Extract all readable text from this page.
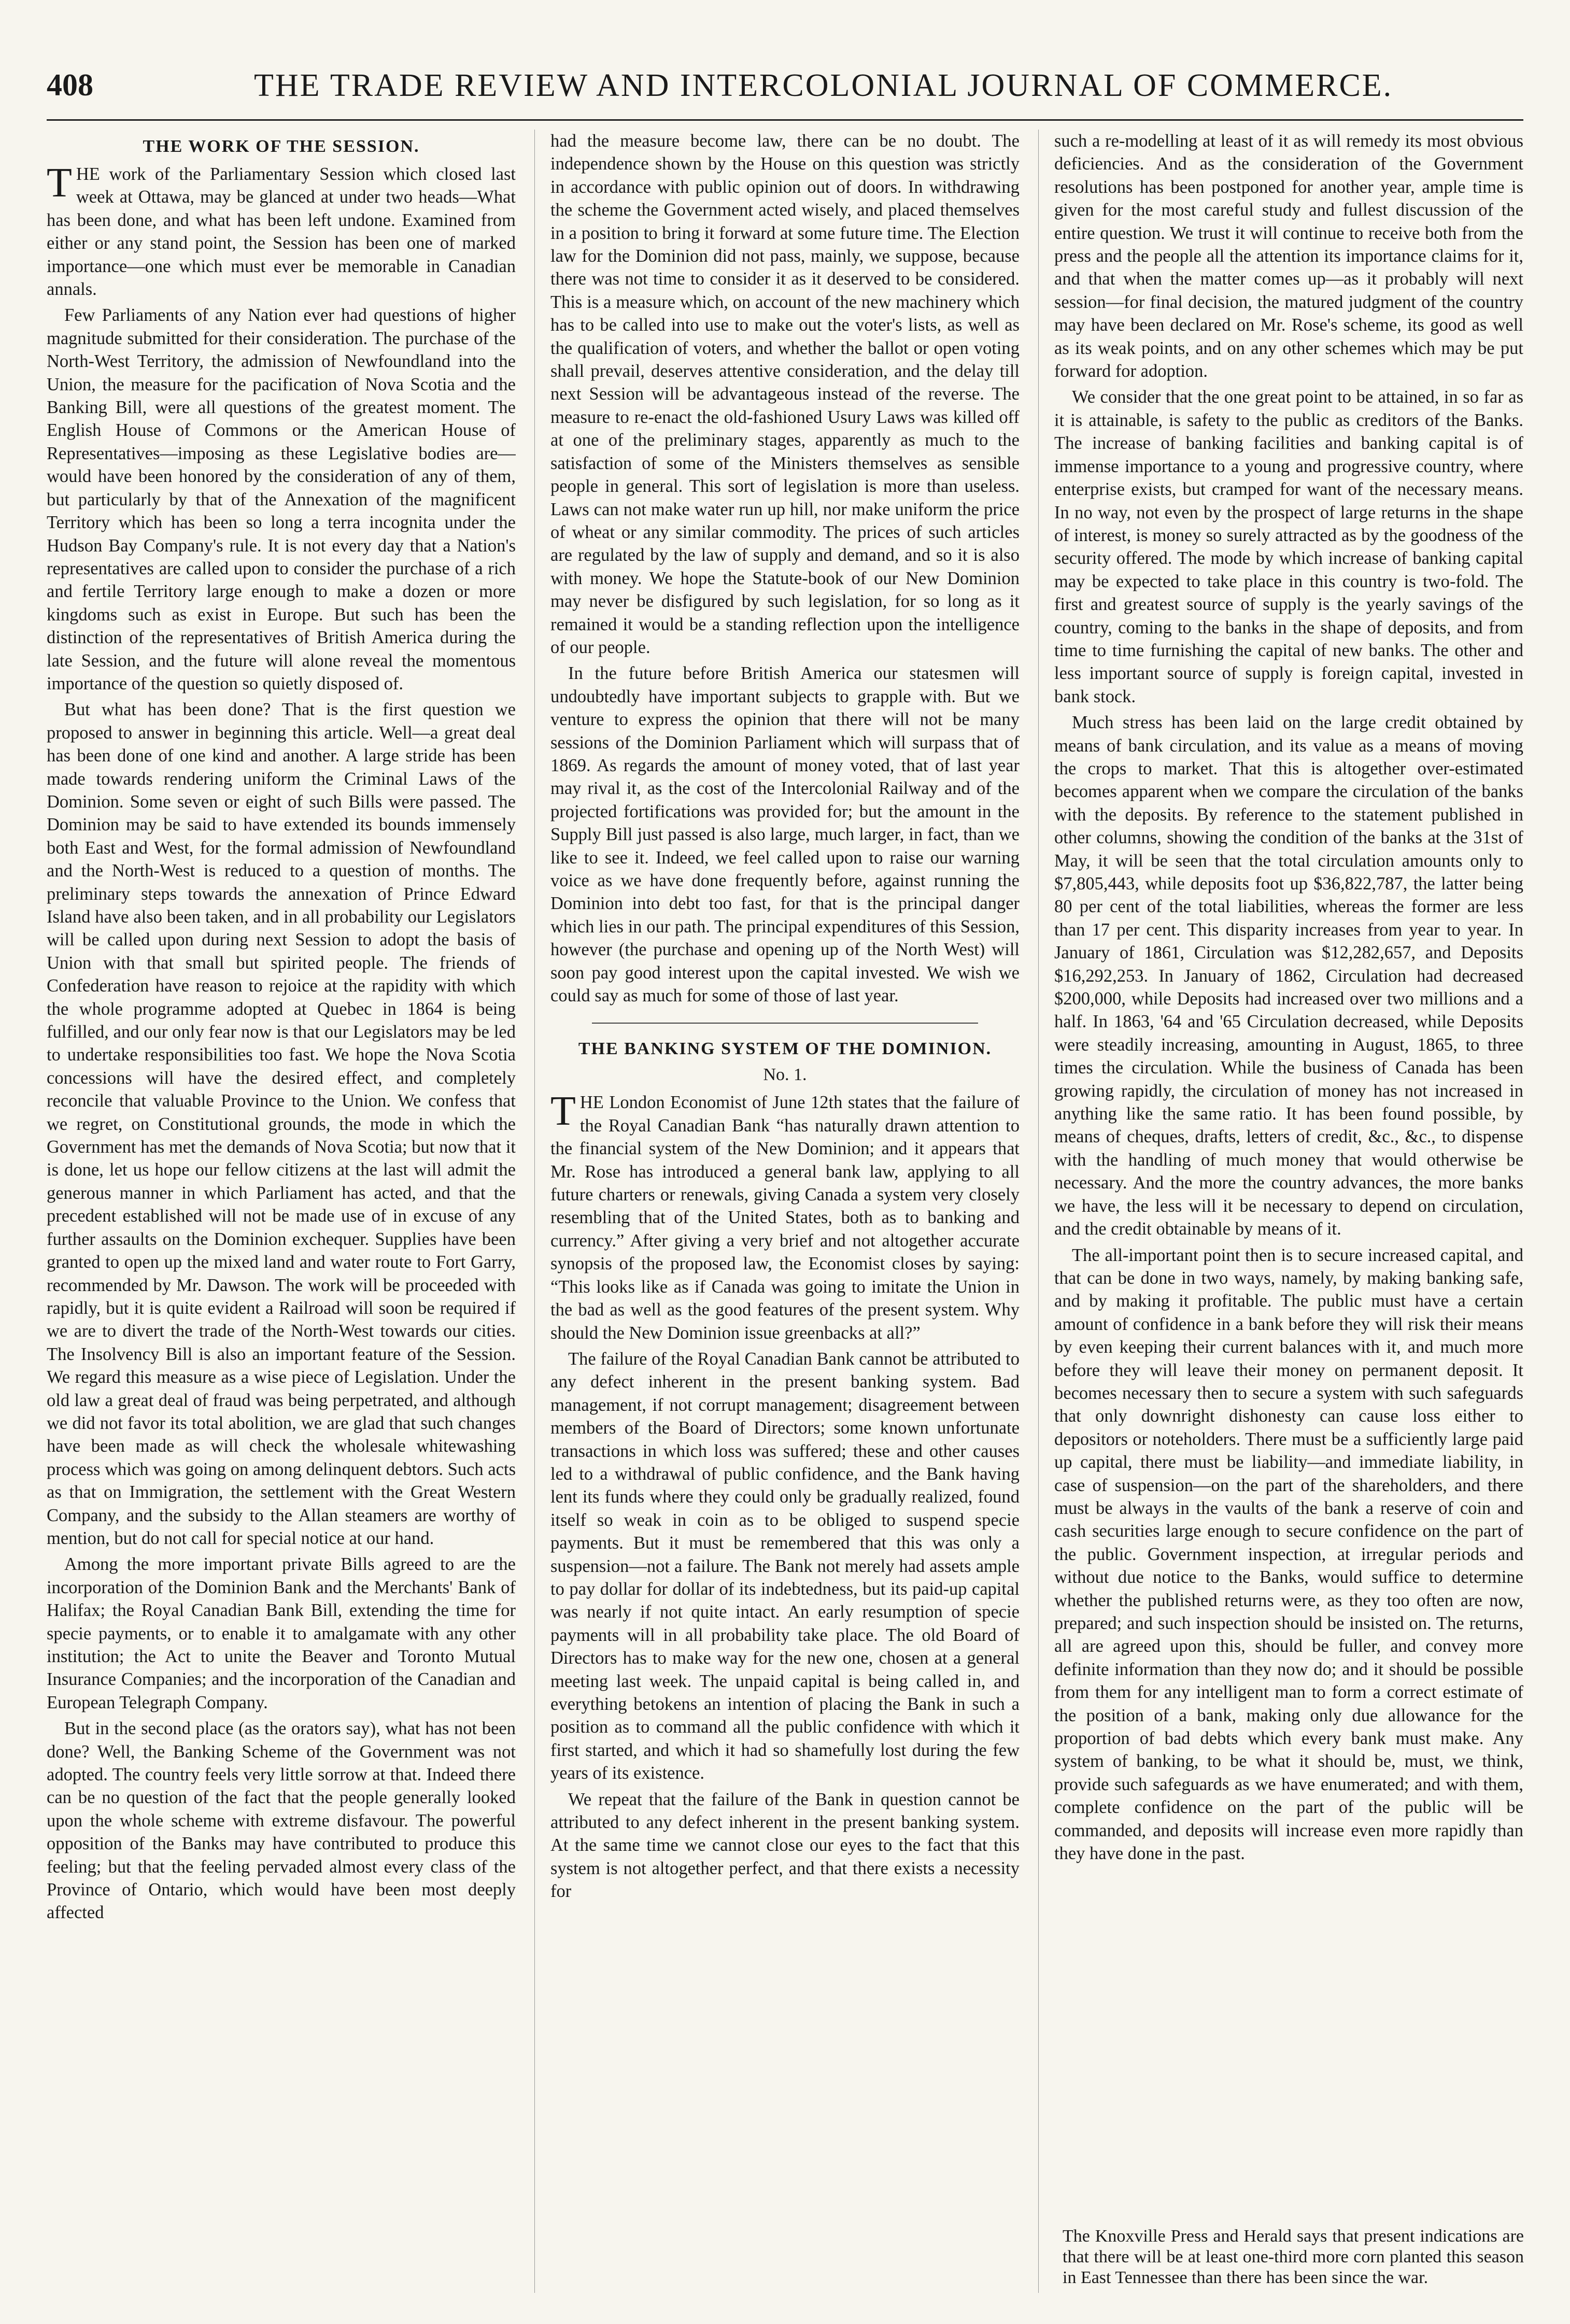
408	THE TRADE REVIEW AND INTERCOLONIAL JOURNAL OF COMMERCE.
THE WORK OF THE SESSION.

THE work of the Parliamentary Session which closed last week at Ottawa, may be glanced at under two heads—What has been done, and what has been left undone. Examined from either or any stand point, the Session has been one of marked importance—one which must ever be memorable in Canadian annals.

Few Parliaments of any Nation ever had questions of higher magnitude submitted for their consideration. The purchase of the North-West Territory, the admission of Newfoundland into the Union, the measure for the pacification of Nova Scotia and the Banking Bill, were all questions of the greatest moment. The English House of Commons or the American House of Representatives—imposing as these Legislative bodies are—would have been honored by the consideration of any of them, but particularly by that of the Annexation of the magnificent Territory which has been so long a terra incognita under the Hudson Bay Company's rule. It is not every day that a Nation's representatives are called upon to consider the purchase of a rich and fertile Territory large enough to make a dozen or more kingdoms such as exist in Europe. But such has been the distinction of the representatives of British America during the late Session, and the future will alone reveal the momentous importance of the question so quietly disposed of.

But what has been done? That is the first question we proposed to answer in beginning this article. Well—a great deal has been done of one kind and another. A large stride has been made towards rendering uniform the Criminal Laws of the Dominion. Some seven or eight of such Bills were passed. The Dominion may be said to have extended its bounds immensely both East and West, for the formal admission of Newfoundland and the North-West is reduced to a question of months. The preliminary steps towards the annexation of Prince Edward Island have also been taken, and in all probability our Legislators will be called upon during next Session to adopt the basis of Union with that small but spirited people. The friends of Confederation have reason to rejoice at the rapidity with which the whole programme adopted at Quebec in 1864 is being fulfilled, and our only fear now is that our Legislators may be led to undertake responsibilities too fast. We hope the Nova Scotia concessions will have the desired effect, and completely reconcile that valuable Province to the Union. We confess that we regret, on Constitutional grounds, the mode in which the Government has met the demands of Nova Scotia; but now that it is done, let us hope our fellow citizens at the last will admit the generous manner in which Parliament has acted, and that the precedent established will not be made use of in excuse of any further assaults on the Dominion exchequer. Supplies have been granted to open up the mixed land and water route to Fort Garry, recommended by Mr. Dawson. The work will be proceeded with rapidly, but it is quite evident a Railroad will soon be required if we are to divert the trade of the North-West towards our cities. The Insolvency Bill is also an important feature of the Session. We regard this measure as a wise piece of Legislation. Under the old law a great deal of fraud was being perpetrated, and although we did not favor its total abolition, we are glad that such changes have been made as will check the wholesale whitewashing process which was going on among delinquent debtors. Such acts as that on Immigration, the settlement with the Great Western Company, and the subsidy to the Allan steamers are worthy of mention, but do not call for special notice at our hand.

Among the more important private Bills agreed to are the incorporation of the Dominion Bank and the Merchants' Bank of Halifax; the Royal Canadian Bank Bill, extending the time for specie payments, or to enable it to amalgamate with any other institution; the Act to unite the Beaver and Toronto Mutual Insurance Companies; and the incorporation of the Canadian and European Telegraph Company.

But in the second place (as the orators say), what has not been done? Well, the Banking Scheme of the Government was not adopted. The country feels very little sorrow at that. Indeed there can be no question of the fact that the people generally looked upon the whole scheme with extreme disfavour. The powerful opposition of the Banks may have contributed to produce this feeling; but that the feeling pervaded almost every class of the Province of Ontario, which would have been most deeply affected

had the measure become law, there can be no doubt. The independence shown by the House on this question was strictly in accordance with public opinion out of doors. In withdrawing the scheme the Government acted wisely, and placed themselves in a position to bring it forward at some future time. The Election law for the Dominion did not pass, mainly, we suppose, because there was not time to consider it as it deserved to be considered. This is a measure which, on account of the new machinery which has to be called into use to make out the voter's lists, as well as the qualification of voters, and whether the ballot or open voting shall prevail, deserves attentive consideration, and the delay till next Session will be advantageous instead of the reverse. The measure to re-enact the old-fashioned Usury Laws was killed off at one of the preliminary stages, apparently as much to the satisfaction of some of the Ministers themselves as sensible people in general. This sort of legislation is more than useless. Laws can not make water run up hill, nor make uniform the price of wheat or any similar commodity. The prices of such articles are regulated by the law of supply and demand, and so it is also with money. We hope the Statute-book of our New Dominion may never be disfigured by such legislation, for so long as it remained it would be a standing reflection upon the intelligence of our people.

In the future before British America our statesmen will undoubtedly have important subjects to grapple with. But we venture to express the opinion that there will not be many sessions of the Dominion Parliament which will surpass that of 1869. As regards the amount of money voted, that of last year may rival it, as the cost of the Intercolonial Railway and of the projected fortifications was provided for; but the amount in the Supply Bill just passed is also large, much larger, in fact, than we like to see it. Indeed, we feel called upon to raise our warning voice as we have done frequently before, against running the Dominion into debt too fast, for that is the principal danger which lies in our path. The principal expenditures of this Session, however (the purchase and opening up of the North West) will soon pay good interest upon the capital invested. We wish we could say as much for some of those of last year.

THE BANKING SYSTEM OF THE DOMINION.
No. 1.

THE London Economist of June 12th states that the failure of the Royal Canadian Bank “has naturally drawn attention to the financial system of the New Dominion; and it appears that Mr. Rose has introduced a general bank law, applying to all future charters or renewals, giving Canada a system very closely resembling that of the United States, both as to banking and currency.” After giving a very brief and not altogether accurate synopsis of the proposed law, the Economist closes by saying: “This looks like as if Canada was going to imitate the Union in the bad as well as the good features of the present system. Why should the New Dominion issue greenbacks at all?”

The failure of the Royal Canadian Bank cannot be attributed to any defect inherent in the present banking system. Bad management, if not corrupt management; disagreement between members of the Board of Directors; some known unfortunate transactions in which loss was suffered; these and other causes led to a withdrawal of public confidence, and the Bank having lent its funds where they could only be gradually realized, found itself so weak in coin as to be obliged to suspend specie payments. But it must be remembered that this was only a suspension—not a failure. The Bank not merely had assets ample to pay dollar for dollar of its indebtedness, but its paid-up capital was nearly if not quite intact. An early resumption of specie payments will in all probability take place. The old Board of Directors has to make way for the new one, chosen at a general meeting last week. The unpaid capital is being called in, and everything betokens an intention of placing the Bank in such a position as to command all the public confidence with which it first started, and which it had so shamefully lost during the few years of its existence.

We repeat that the failure of the Bank in question cannot be attributed to any defect inherent in the present banking system. At the same time we cannot close our eyes to the fact that this system is not altogether perfect, and that there exists a necessity for

such a re-modelling at least of it as will remedy its most obvious deficiencies. And as the consideration of the Government resolutions has been postponed for another year, ample time is given for the most careful study and fullest discussion of the entire question. We trust it will continue to receive both from the press and the people all the attention its importance claims for it, and that when the matter comes up—as it probably will next session—for final decision, the matured judgment of the country may have been declared on Mr. Rose's scheme, its good as well as its weak points, and on any other schemes which may be put forward for adoption.

We consider that the one great point to be attained, in so far as it is attainable, is safety to the public as creditors of the Banks. The increase of banking facilities and banking capital is of immense importance to a young and progressive country, where enterprise exists, but cramped for want of the necessary means. In no way, not even by the prospect of large returns in the shape of interest, is money so surely attracted as by the goodness of the security offered. The mode by which increase of banking capital may be expected to take place in this country is two-fold. The first and greatest source of supply is the yearly savings of the country, coming to the banks in the shape of deposits, and from time to time furnishing the capital of new banks. The other and less important source of supply is foreign capital, invested in bank stock.

Much stress has been laid on the large credit obtained by means of bank circulation, and its value as a means of moving the crops to market. That this is altogether over-estimated becomes apparent when we compare the circulation of the banks with the deposits. By reference to the statement published in other columns, showing the condition of the banks at the 31st of May, it will be seen that the total circulation amounts only to $7,805,443, while deposits foot up $36,822,787, the latter being 80 per cent of the total liabilities, whereas the former are less than 17 per cent. This disparity increases from year to year. In January of 1861, Circulation was $12,282,657, and Deposits $16,292,253. In January of 1862, Circulation had decreased $200,000, while Deposits had increased over two millions and a half. In 1863, '64 and '65 Circulation decreased, while Deposits were steadily increasing, amounting in August, 1865, to three times the circulation. While the business of Canada has been growing rapidly, the circulation of money has not increased in anything like the same ratio. It has been found possible, by means of cheques, drafts, letters of credit, &c., &c., to dispense with the handling of much money that would otherwise be necessary. And the more the country advances, the more banks we have, the less will it be necessary to depend on circulation, and the credit obtainable by means of it.

The all-important point then is to secure increased capital, and that can be done in two ways, namely, by making banking safe, and by making it profitable. The public must have a certain amount of confidence in a bank before they will risk their means by even keeping their current balances with it, and much more before they will leave their money on permanent deposit. It becomes necessary then to secure a system with such safeguards that only downright dishonesty can cause loss either to depositors or noteholders. There must be a sufficiently large paid up capital, there must be liability—and immediate liability, in case of suspension—on the part of the shareholders, and there must be always in the vaults of the bank a reserve of coin and cash securities large enough to secure confidence on the part of the public. Government inspection, at irregular periods and without due notice to the Banks, would suffice to determine whether the published returns were, as they too often are now, prepared; and such inspection should be insisted on. The returns, all are agreed upon this, should be fuller, and convey more definite information than they now do; and it should be possible from them for any intelligent man to form a correct estimate of the position of a bank, making only due allowance for the proportion of bad debts which every bank must make. Any system of banking, to be what it should be, must, we think, provide such safeguards as we have enumerated; and with them, complete confidence on the part of the public will be commanded, and deposits will increase even more rapidly than they have done in the past.

The Knoxville Press and Herald says that present indications are that there will be at least one-third more corn planted this season in East Tennessee than there has been since the war.
